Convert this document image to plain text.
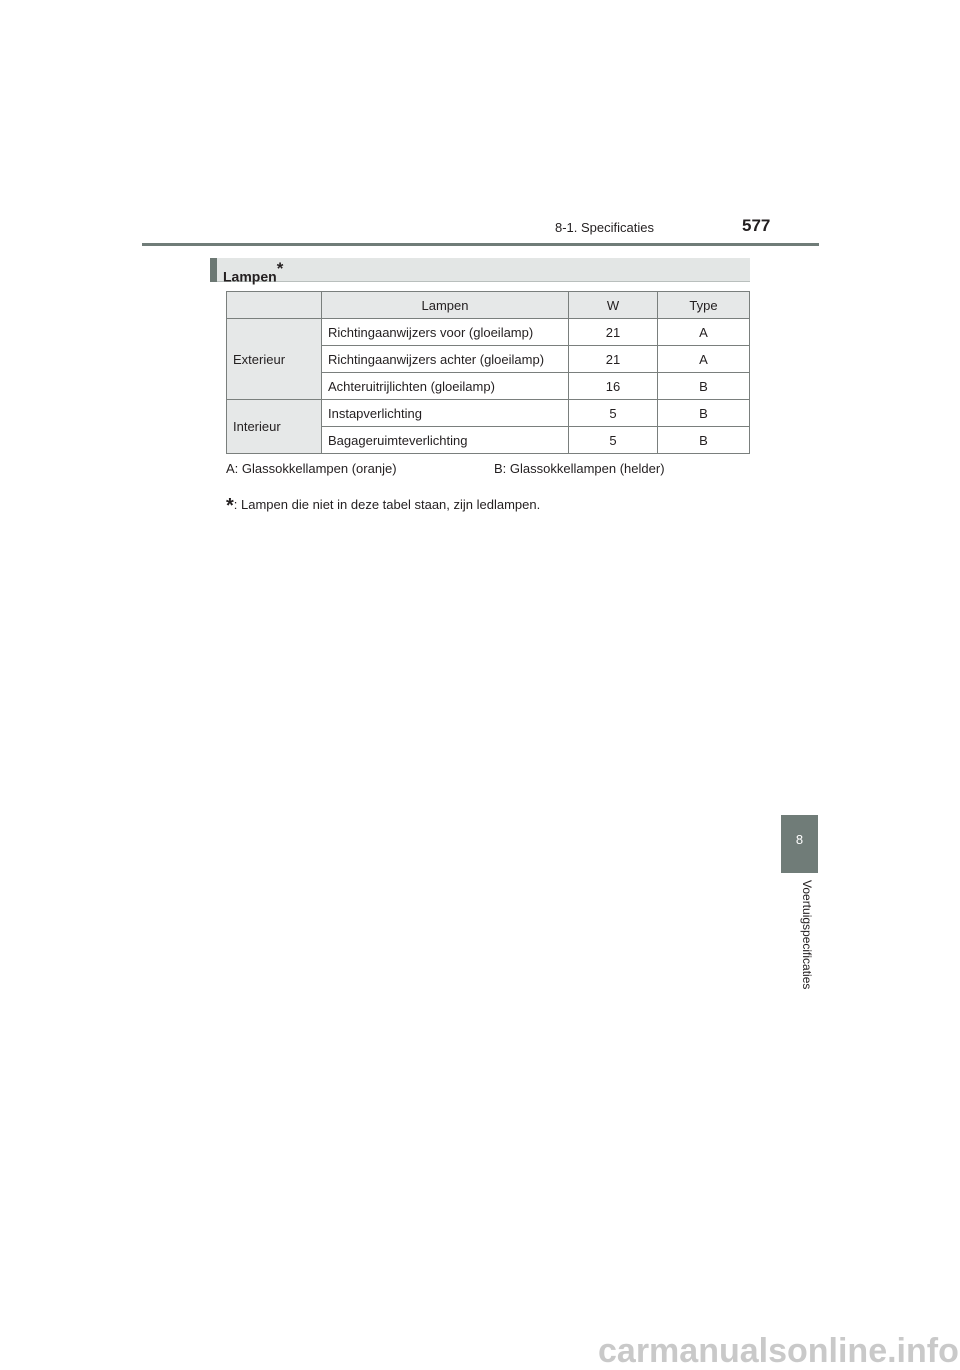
8-1. Specificaties	577
Lampen*
	Lampen	W	Type
Exterieur	Richtingaanwijzers voor (gloeilamp)	21	A
	Richtingaanwijzers achter (gloeilamp)	21	A
	Achteruitrijlichten (gloeilamp)	16	B
Interieur	Instapverlichting	5	B
	Bagageruimteverlichting	5	B
A: Glassokkellampen (oranje)	B: Glassokkellampen (helder)
*: Lampen die niet in deze tabel staan, zijn ledlampen.
8
Voertuigspecificaties
carmanualsonline.info
